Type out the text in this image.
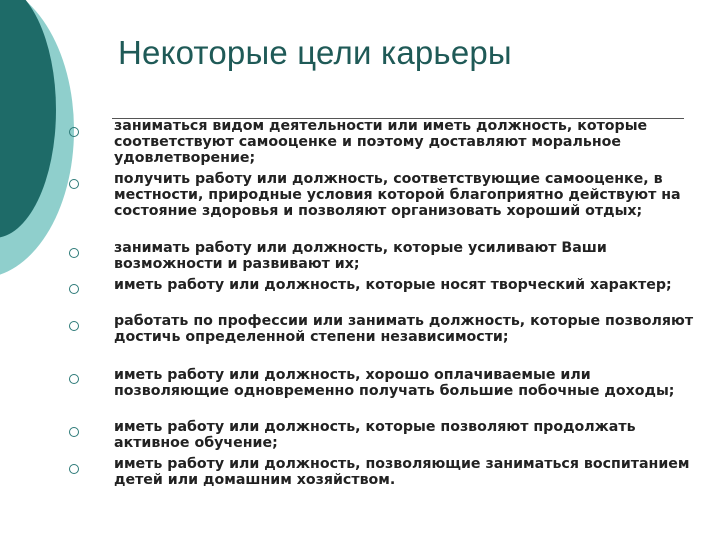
Некоторые цели карьеры
заниматься видом деятельности или иметь должность, которые соответствуют самооценке и поэтому доставляют моральное удовлетворение;
получить работу или должность, соответствующие самооценке, в местности, природные условия которой благоприятно действуют на состояние здоровья и позволяют организовать хороший отдых;
занимать работу или должность, которые усиливают Ваши возможности и развивают их;
иметь работу или должность, которые носят творческий характер;
работать по профессии или занимать должность, которые позволяют достичь определенной степени независимости;
иметь работу или должность, хорошо оплачиваемые или позволяющие одновременно получать большие побочные доходы;
иметь работу или должность, которые позволяют продолжать активное обучение;
иметь работу или должность, позволяющие заниматься воспитанием детей или домашним хозяйством.
